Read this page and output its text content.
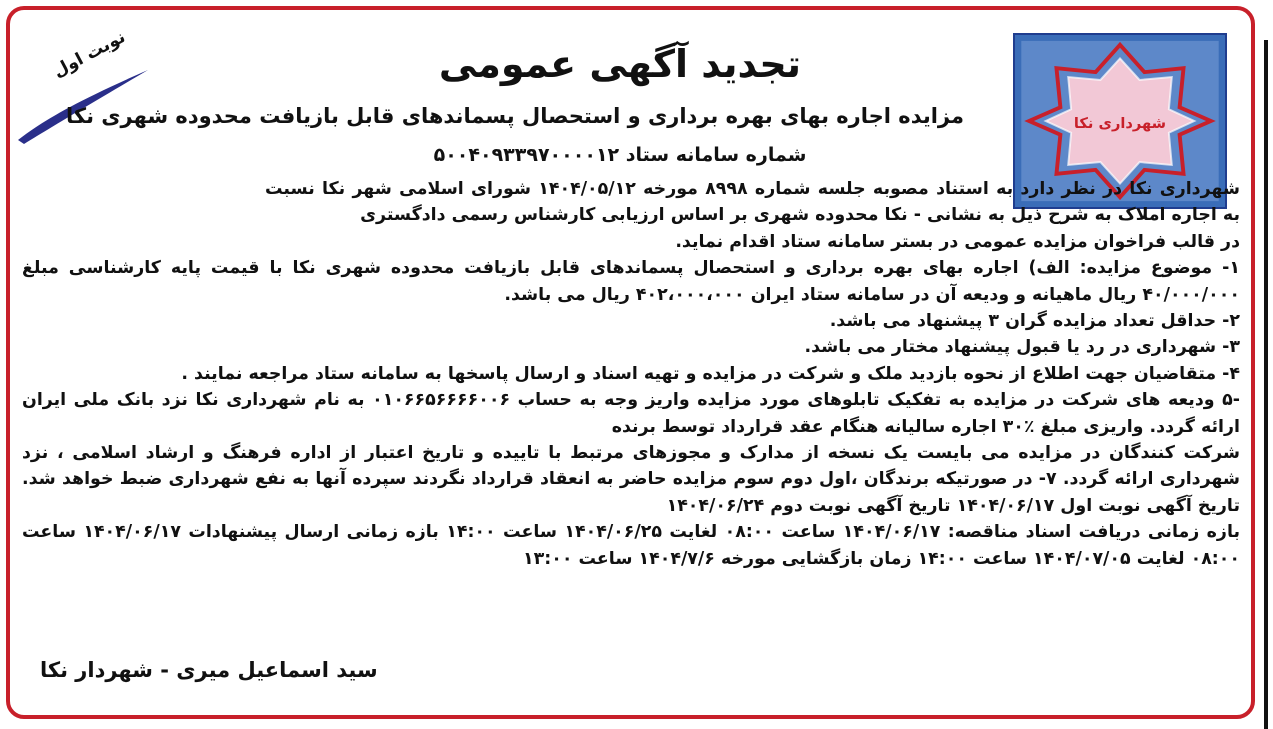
شهرداری نکا
نوبت اول	تجدید آگهی عمومی
مزایده اجاره بهای بهره برداری و استحصال پسماندهای قابل بازیافت محدوده شهری نکا
شماره سامانه ستاد ۵۰۰۴۰۹۳۳۹۷۰۰۰۰۱۲

شهرداری نکا در نظر دارد به استناد مصوبه جلسه شماره ۸۹۹۸ مورخه ۱۴۰۴/۰۵/۱۲ شورای اسلامی شهر نکا نسبت به اجاره املاک به شرح ذیل به نشانی - نکا محدوده شهری بر اساس ارزیابی کارشناس رسمی دادگستری

در قالب فراخوان مزایده عمومی در بستر سامانه ستاد اقدام نماید.

۱- موضوع مزایده: الف) اجاره بهای بهره برداری و استحصال پسماندهای قابل بازیافت محدوده شهری نکا با قیمت پایه کارشناسی مبلغ ۴۰/۰۰۰/۰۰۰ ریال ماهیانه و ودیعه آن در سامانه ستاد ایران ۴۰۲،۰۰۰،۰۰۰ ریال می باشد.

۲- حداقل تعداد مزایده گران ۳ پیشنهاد می باشد.

۳- شهرداری در رد یا قبول پیشنهاد مختار می باشد.

۴- متقاضیان جهت اطلاع از نحوه بازدید ملک و شرکت در مزایده و تهیه اسناد و ارسال پاسخها به سامانه ستاد مراجعه نمایند .

-۵ ودیعه های شرکت در مزایده به تفکیک تابلوهای مورد مزایده واریز وجه به حساب ۰۱۰۶۶۵۶۶۶۶۰۰۶ به نام شهرداری نکا نزد بانک ملی ایران ارائه گردد. واریزی مبلغ ٪۳۰ اجاره سالیانه هنگام عقد قرارداد توسط برنده

شرکت کنندگان در مزایده می بایست یک نسخه از مدارک و مجوزهای مرتبط با تاییده و تاریخ اعتبار از اداره فرهنگ و ارشاد اسلامی ، نزد شهرداری ارائه گردد. ۷- در صورتیکه برندگان ،اول دوم سوم مزایده حاضر به انعقاد قرارداد نگردند سپرده آنها به نفع شهرداری ضبط خواهد شد. تاریخ آگهی نوبت اول ۱۴۰۴/۰۶/۱۷ تاریخ آگهی نوبت دوم ۱۴۰۴/۰۶/۲۴

بازه زمانی دریافت اسناد مناقصه: ۱۴۰۴/۰۶/۱۷ ساعت ۰۸:۰۰ لغایت ۱۴۰۴/۰۶/۲۵ ساعت ۱۴:۰۰ بازه زمانی ارسال پیشنهادات ۱۴۰۴/۰۶/۱۷ ساعت ۰۸:۰۰ لغایت ۱۴۰۴/۰۷/۰۵ ساعت ۱۴:۰۰ زمان بازگشایی مورخه ۱۴۰۴/۷/۶ ساعت ۱۳:۰۰

سید اسماعیل میری - شهردار نکا
